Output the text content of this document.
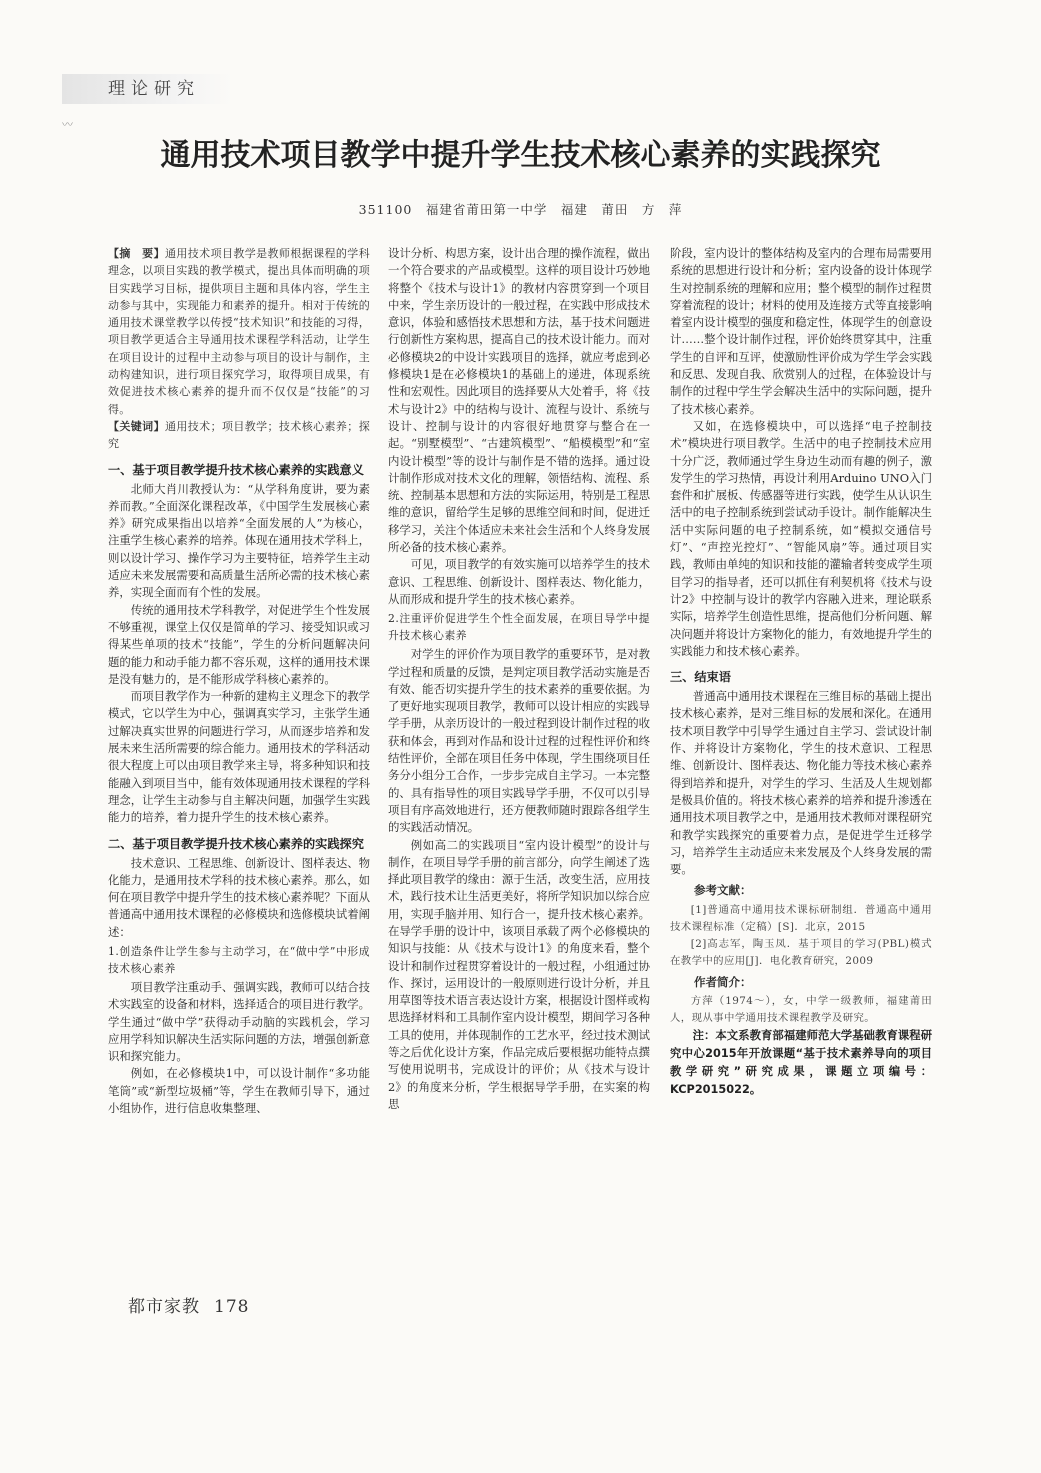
理论研究
〰
通用技术项目教学中提升学生技术核心素养的实践探究
351100　福建省莆田第一中学　福建　莆田　方　萍

【摘　要】通用技术项目教学是教师根据课程的学科理念，以项目实践的教学模式，提出具体而明确的项目实践学习目标，提供项目主题和具体内容，学生主动参与其中，实现能力和素养的提升。相对于传统的通用技术课堂教学以传授“技术知识”和技能的习得，项目教学更适合主导通用技术课程学科活动，让学生在项目设计的过程中主动参与项目的设计与制作，主动构建知识，进行项目探究学习，取得项目成果，有效促进技术核心素养的提升而不仅仅是“技能”的习得。

【关键词】通用技术；项目教学；技术核心素养；探究

一、基于项目教学提升技术核心素养的实践意义

北师大肖川教授认为：“从学科角度讲，要为素养而教。”全面深化课程改革，《中国学生发展核心素养》研究成果指出以培养“全面发展的人”为核心，注重学生核心素养的培养。体现在通用技术学科上，则以设计学习、操作学习为主要特征，培养学生主动适应未来发展需要和高质量生活所必需的技术核心素养，实现全面而有个性的发展。

传统的通用技术学科教学，对促进学生个性发展不够重视，课堂上仅仅是简单的学习、接受知识或习得某些单项的技术“技能”，学生的分析问题解决问题的能力和动手能力都不容乐观，这样的通用技术课是没有魅力的，是不能形成学科核心素养的。

而项目教学作为一种新的建构主义理念下的教学模式，它以学生为中心，强调真实学习，主张学生通过解决真实世界的问题进行学习，从而逐步培养和发展未来生活所需要的综合能力。通用技术的学科活动很大程度上可以由项目教学来主导，将多种知识和技能融入到项目当中，能有效体现通用技术课程的学科理念，让学生主动参与自主解决问题，加强学生实践能力的培养，着力提升学生的技术核心素养。

二、基于项目教学提升技术核心素养的实践探究

技术意识、工程思维、创新设计、图样表达、物化能力，是通用技术学科的技术核心素养。那么，如何在项目教学中提升学生的技术核心素养呢？下面从普通高中通用技术课程的必修模块和选修模块试着阐述：

1.创造条件让学生参与主动学习，在“做中学”中形成技术核心素养

项目教学注重动手、强调实践，教师可以结合技术实践室的设备和材料，选择适合的项目进行教学。学生通过“做中学”获得动手动脑的实践机会，学习应用学科知识解决生活实际问题的方法，增强创新意识和探究能力。

例如，在必修模块1中，可以设计制作“多功能笔筒”或“新型垃圾桶”等，学生在教师引导下，通过小组协作，进行信息收集整理、

设计分析、构思方案，设计出合理的操作流程，做出一个符合要求的产品或模型。这样的项目设计巧妙地将整个《技术与设计1》的教材内容贯穿到一个项目中来，学生亲历设计的一般过程，在实践中形成技术意识，体验和感悟技术思想和方法，基于技术问题进行创新性方案构思，提高自己的技术设计能力。而对必修模块2的中设计实践项目的选择，就应考虑到必修模块1是在必修模块1的基础上的递进，体现系统性和宏观性。因此项目的选择要从大处着手，将《技术与设计2》中的结构与设计、流程与设计、系统与设计、控制与设计的内容很好地贯穿与整合在一起。“别墅模型”、“古建筑模型”、“船模模型”和“室内设计模型”等的设计与制作是不错的选择。通过设计制作形成对技术文化的理解，领悟结构、流程、系统、控制基本思想和方法的实际运用，特别是工程思维的意识，留给学生足够的思维空间和时间，促进迁移学习，关注个体适应未来社会生活和个人终身发展所必备的技术核心素养。

可见，项目教学的有效实施可以培养学生的技术意识、工程思维、创新设计、图样表达、物化能力，从而形成和提升学生的技术核心素养。

2.注重评价促进学生个性全面发展，在项目导学中提升技术核心素养

对学生的评价作为项目教学的重要环节，是对教学过程和质量的反馈，是判定项目教学活动实施是否有效、能否切实提升学生的技术素养的重要依据。为了更好地实现项目教学，教师可以设计相应的实践导学手册，从亲历设计的一般过程到设计制作过程的收获和体会，再到对作品和设计过程的过程性评价和终结性评价，全部在项目任务中体现，学生围绕项目任务分小组分工合作，一步步完成自主学习。一本完整的、具有指导性的项目实践导学手册，不仅可以引导项目有序高效地进行，还方便教师随时跟踪各组学生的实践活动情况。

例如高二的实践项目“室内设计模型”的设计与制作，在项目导学手册的前言部分，向学生阐述了选择此项目教学的缘由：源于生活，改变生活，应用技术，践行技术让生活更美好，将所学知识加以综合应用，实现手脑并用、知行合一，提升技术核心素养。在导学手册的设计中，该项目承载了两个必修模块的知识与技能：从《技术与设计1》的角度来看，整个设计和制作过程贯穿着设计的一般过程，小组通过协作、探讨，运用设计的一般原则进行设计分析，并且用草图等技术语言表达设计方案，根据设计图样或构思选择材料和工具制作室内设计模型，期间学习各种工具的使用，并体现制作的工艺水平，经过技术测试等之后优化设计方案，作品完成后要根据功能特点撰写使用说明书，完成设计的评价；从《技术与设计2》的角度来分析，学生根据导学手册，在实案的构思

阶段，室内设计的整体结构及室内的合理布局需要用系统的思想进行设计和分析；室内设备的设计体现学生对控制系统的理解和应用；整个模型的制作过程贯穿着流程的设计；材料的使用及连接方式等直接影响着室内设计模型的强度和稳定性，体现学生的创意设计……整个设计制作过程，评价始终贯穿其中，注重学生的自评和互评，使激励性评价成为学生学会实践和反思、发现自我、欣赏别人的过程，在体验设计与制作的过程中学生学会解决生活中的实际问题，提升了技术核心素养。

又如，在选修模块中，可以选择“电子控制技术”模块进行项目教学。生活中的电子控制技术应用十分广泛，教师通过学生身边生动而有趣的例子，激发学生的学习热情，再设计利用Arduino UNO入门套件和扩展板、传感器等进行实践，使学生从认识生活中的电子控制系统到尝试动手设计。制作能解决生活中实际问题的电子控制系统，如“模拟交通信号灯”、“声控光控灯”、“智能风扇”等。通过项目实践，教师由单纯的知识和技能的灌输者转变成学生项目学习的指导者，还可以抓住有利契机将《技术与设计2》中控制与设计的教学内容融入进来，理论联系实际，培养学生创造性思维，提高他们分析问题、解决问题并将设计方案物化的能力，有效地提升学生的实践能力和技术核心素养。

三、结束语

普通高中通用技术课程在三维目标的基础上提出技术核心素养，是对三维目标的发展和深化。在通用技术项目教学中引导学生通过自主学习、尝试设计制作、并将设计方案物化，学生的技术意识、工程思维、创新设计、图样表达、物化能力等技术核心素养得到培养和提升，对学生的学习、生活及人生规划都是极具价值的。将技术核心素养的培养和提升渗透在通用技术项目教学之中，是通用技术教师对课程研究和教学实践探究的重要着力点，是促进学生迁移学习，培养学生主动适应未来发展及个人终身发展的需要。

参考文献：

[1]普通高中通用技术课标研制组．普通高中通用技术课程标准（定稿）[S]．北京，2015

[2]高志军，陶玉凤．基于项目的学习(PBL)模式在教学中的应用[J]．电化教育研究，2009

作者简介：

方萍（1974～），女，中学一级教师，福建莆田人，现从事中学通用技术课程教学及研究。

注：本文系教育部福建师范大学基础教育课程研究中心2015年开放课题“基于技术素养导向的项目教学研究”研究成果，课题立项编号：KCP2015022。

都市家教 178
